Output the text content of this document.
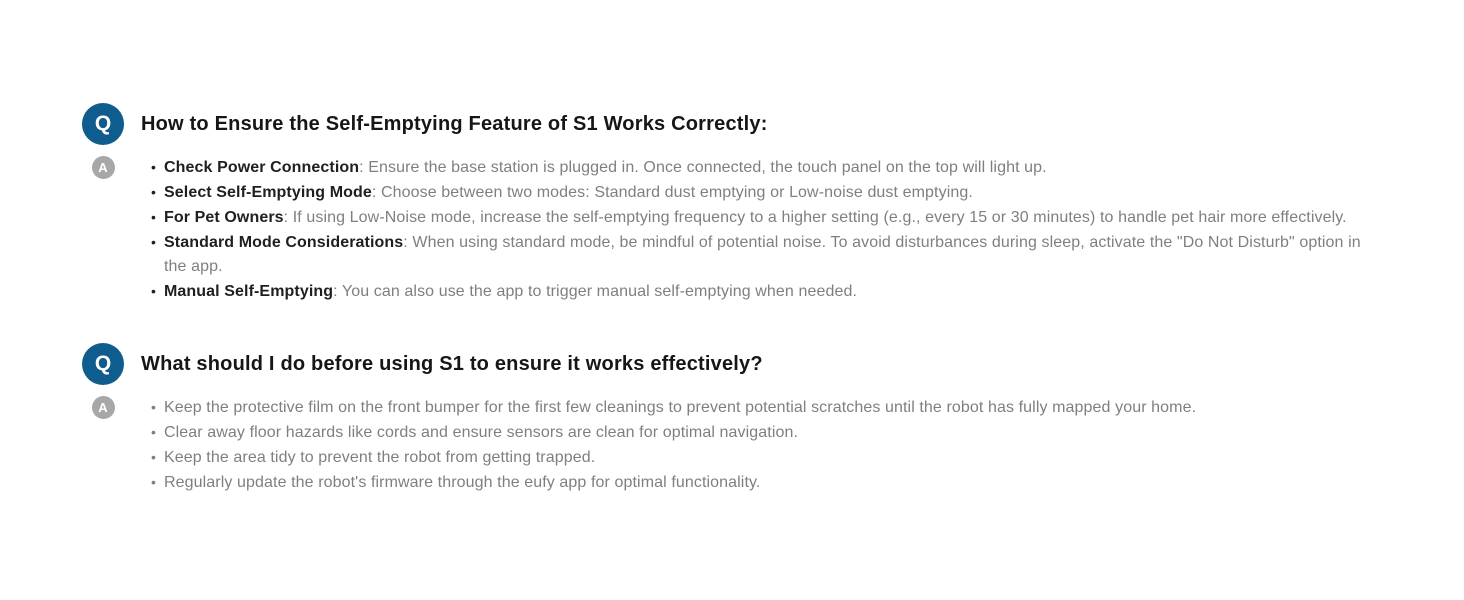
Q How to Ensure the Self-Emptying Feature of S1 Works Correctly:
A	• Check Power Connection: Ensure the base station is plugged in. Once connected, the touch panel on the top will light up.
• Select Self-Emptying Mode: Choose between two modes: Standard dust emptying or Low-noise dust emptying.
• For Pet Owners: If using Low-Noise mode, increase the self-emptying frequency to a higher setting (e.g., every 15 or 30 minutes) to handle pet hair more effectively.
• Standard Mode Considerations: When using standard mode, be mindful of potential noise. To avoid disturbances during sleep, activate the "Do Not Disturb" option in the app.
• Manual Self-Emptying: You can also use the app to trigger manual self-emptying when needed.
Q What should I do before using S1 to ensure it works effectively?
A	• Keep the protective film on the front bumper for the first few cleanings to prevent potential scratches until the robot has fully mapped your home.
• Clear away floor hazards like cords and ensure sensors are clean for optimal navigation.
• Keep the area tidy to prevent the robot from getting trapped.
• Regularly update the robot's firmware through the eufy app for optimal functionality.
